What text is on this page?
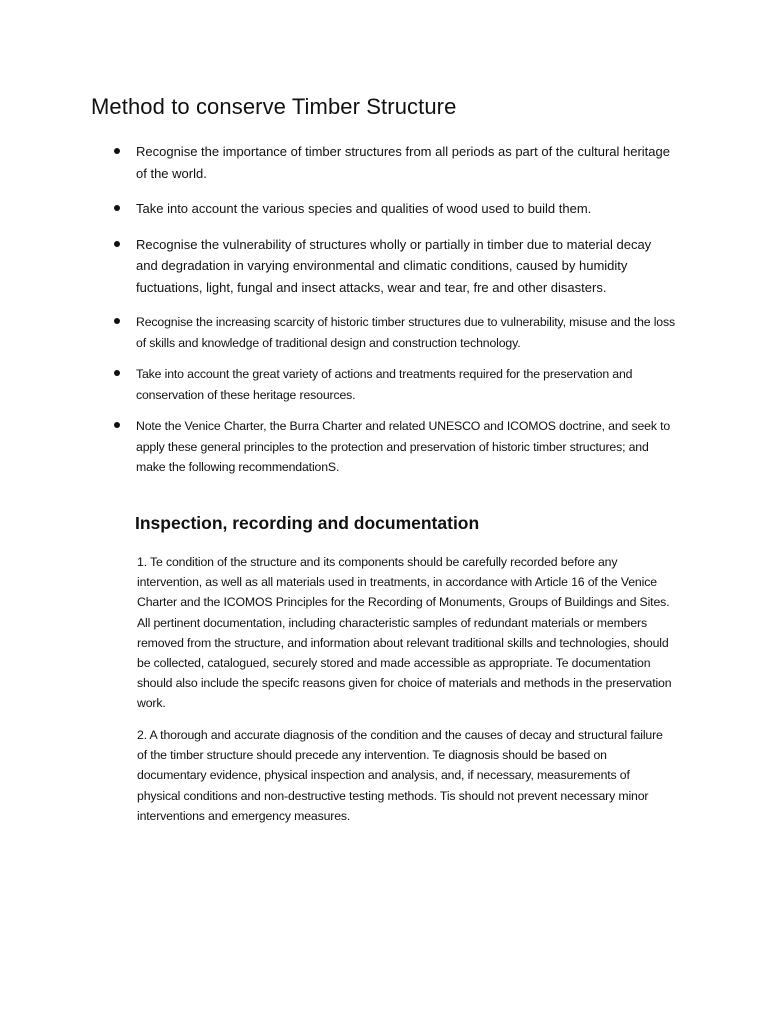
Method to conserve Timber Structure
Recognise the importance of timber structures from all periods as part of the cultural heritage of the world.
Take into account the various species and qualities of wood used to build them.
Recognise the vulnerability of structures wholly or partially in timber due to material decay and degradation in varying environmental and climatic conditions, caused by humidity fuctuations, light, fungal and insect attacks, wear and tear, fre and other disasters.
Recognise the increasing scarcity of historic timber structures due to vulnerability, misuse and the loss of skills and knowledge of traditional design and construction technology.
Take into account the great variety of actions and treatments required for the preservation and conservation of these heritage resources.
Note the Venice Charter, the Burra Charter and related UNESCO and ICOMOS doctrine, and seek to apply these general principles to the protection and preservation of historic timber structures; and make the following recommendationS.
Inspection, recording and documentation

1. Te condition of the structure and its components should be carefully recorded before any intervention, as well as all materials used in treatments, in accordance with Article 16 of the Venice Charter and the ICOMOS Principles for the Recording of Monuments, Groups of Buildings and Sites. All pertinent documentation, including characteristic samples of redundant materials or members removed from the structure, and information about relevant traditional skills and technologies, should be collected, catalogued, securely stored and made accessible as appropriate. Te documentation should also include the specifc reasons given for choice of materials and methods in the preservation work.

2. A thorough and accurate diagnosis of the condition and the causes of decay and structural failure of the timber structure should precede any intervention. Te diagnosis should be based on documentary evidence, physical inspection and analysis, and, if necessary, measurements of physical conditions and non-destructive testing methods. Tis should not prevent necessary minor interventions and emergency measures.
